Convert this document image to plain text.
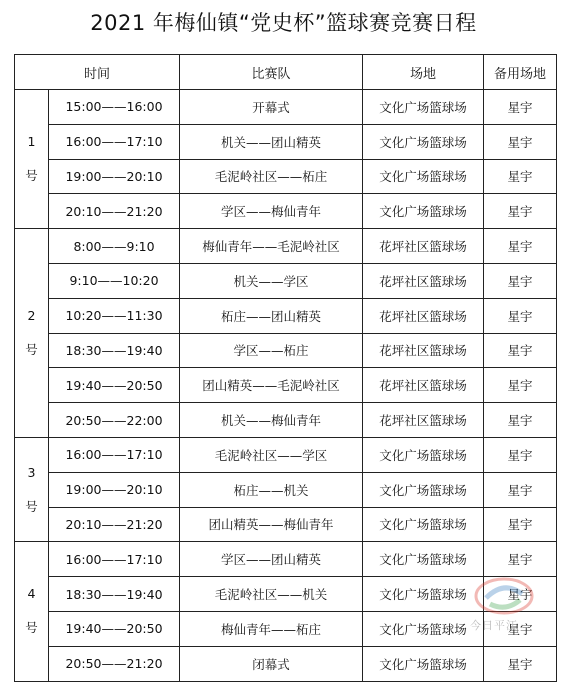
2021 年梅仙镇“党史杯”篮球赛竞赛日程
时间		比赛队	场地	备用场地

1
号	15:00——16:00	开幕式	文化广场篮球场	星宇
	16:00——17:10	机关——团山精英	文化广场篮球场	星宇
	19:00——20:10	毛泥岭社区——柘庄	文化广场篮球场	星宇
	20:10——21:20	学区——梅仙青年	文化广场篮球场	星宇

2
号	8:00——9:10	梅仙青年——毛泥岭社区	花坪社区篮球场	星宇
	9:10——10:20	机关——学区	花坪社区篮球场	星宇
	10:20——11:30	柘庄——团山精英	花坪社区篮球场	星宇
	18:30——19:40	学区——柘庄	花坪社区篮球场	星宇
	19:40——20:50	团山精英——毛泥岭社区	花坪社区篮球场	星宇
	20:50——22:00	机关——梅仙青年	花坪社区篮球场	星宇

3
号	16:00——17:10	毛泥岭社区——学区	文化广场篮球场	星宇
	19:00——20:10	柘庄——机关	文化广场篮球场	星宇
	20:10——21:20	团山精英——梅仙青年	文化广场篮球场	星宇

4
号	16:00——17:10	学区——团山精英	文化广场篮球场	星宇
	18:30——19:40	毛泥岭社区——机关	文化广场篮球场	星宇
	19:40——20:50	梅仙青年——柘庄	文化广场篮球场	星宇
	20:50——21:20	闭幕式	文化广场篮球场	星宇
今日平江
